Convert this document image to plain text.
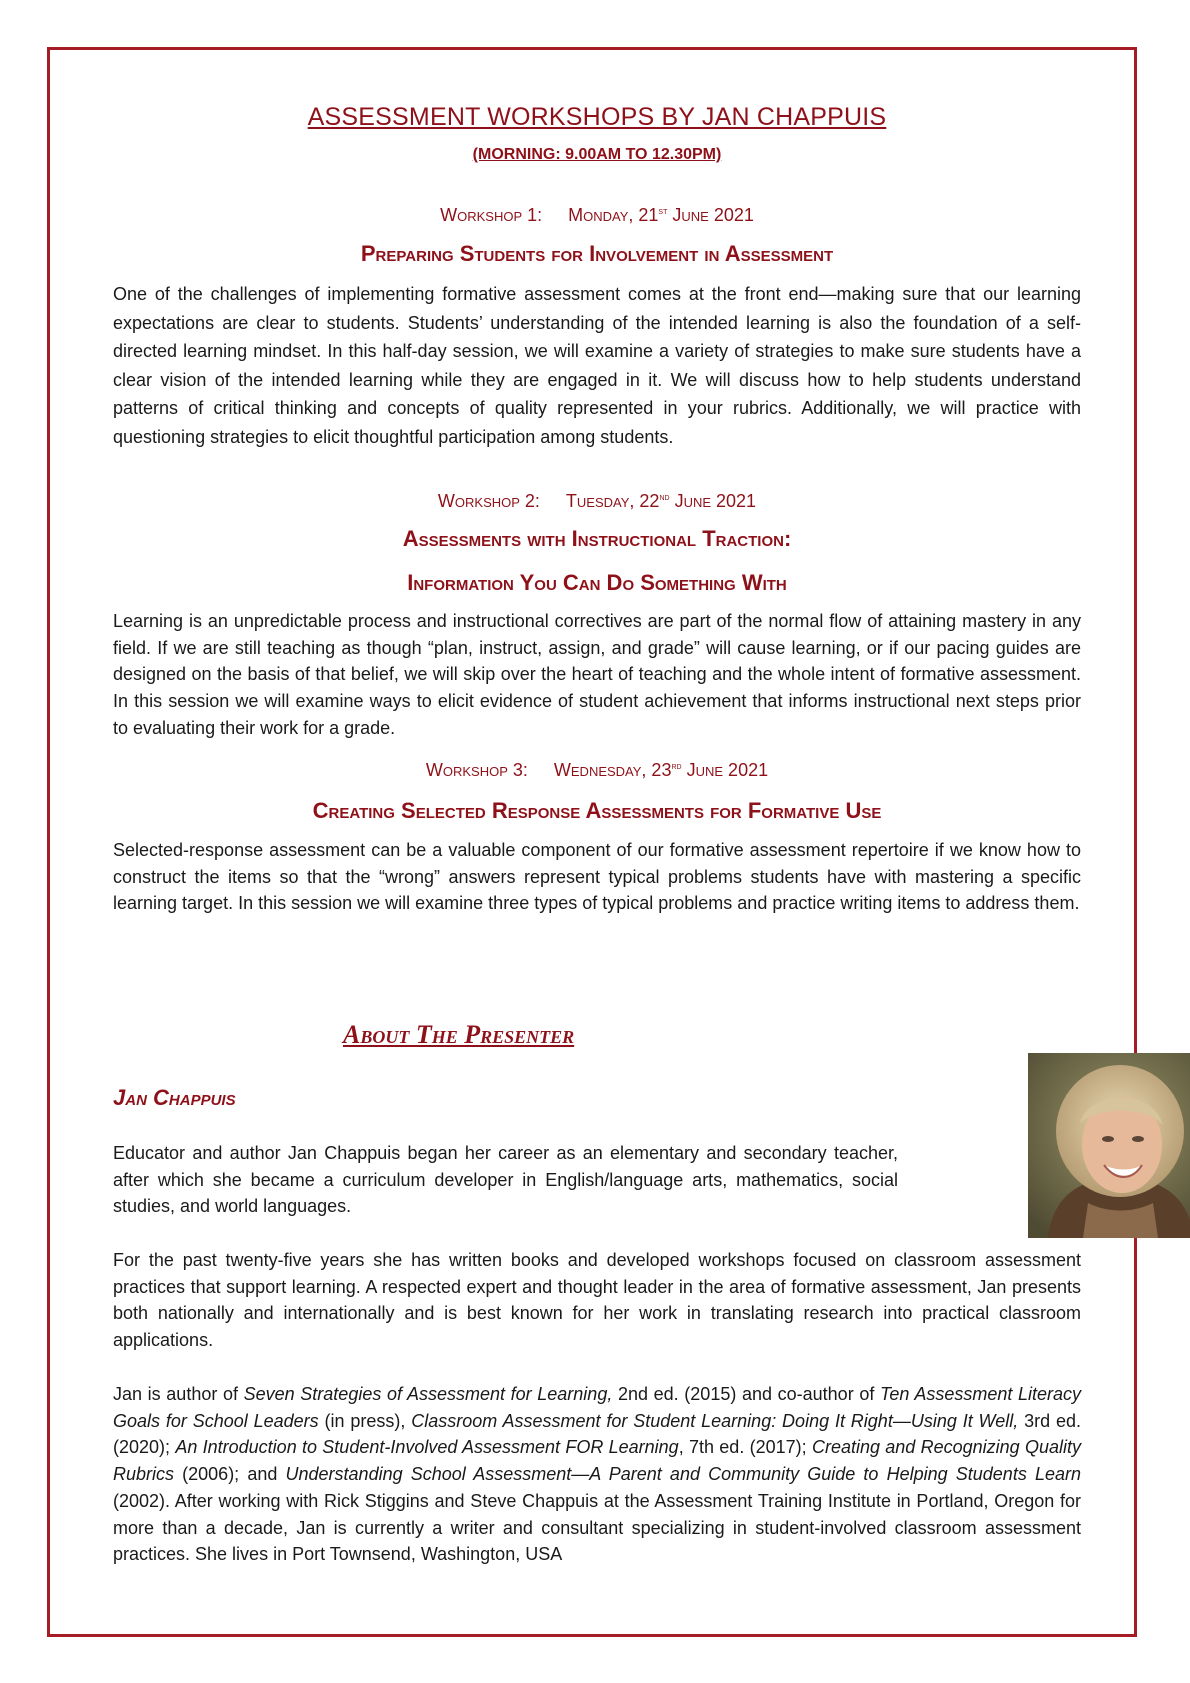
ASSESSMENT WORKSHOPS BY JAN CHAPPUIS
(MORNING: 9.00AM TO 12.30PM)
Workshop 1: Monday, 21st June 2021
Preparing Students for Involvement in Assessment

One of the challenges of implementing formative assessment comes at the front end—making sure that our learning expectations are clear to students. Students’ understanding of the intended learning is also the foundation of a self-directed learning mindset. In this half-day session, we will examine a variety of strategies to make sure students have a clear vision of the intended learning while they are engaged in it. We will discuss how to help students understand patterns of critical thinking and concepts of quality represented in your rubrics. Additionally, we will practice with questioning strategies to elicit thoughtful participation among students.

Workshop 2: Tuesday, 22nd June 2021
Assessments with Instructional Traction:
Information You Can Do Something With

Learning is an unpredictable process and instructional correctives are part of the normal flow of attaining mastery in any field. If we are still teaching as though “plan, instruct, assign, and grade” will cause learning, or if our pacing guides are designed on the basis of that belief, we will skip over the heart of teaching and the whole intent of formative assessment. In this session we will examine ways to elicit evidence of student achievement that informs instructional next steps prior to evaluating their work for a grade.

Workshop 3: Wednesday, 23rd June 2021
Creating Selected Response Assessments for Formative Use

Selected-response assessment can be a valuable component of our formative assessment repertoire if we know how to construct the items so that the “wrong” answers represent typical problems students have with mastering a specific learning target. In this session we will examine three types of typical problems and practice writing items to address them.

About The Presenter
Jan Chappuis

Educator and author Jan Chappuis began her career as an elementary and secondary teacher, after which she became a curriculum developer in English/language arts, mathematics, social studies, and world languages.

For the past twenty-five years she has written books and developed workshops focused on classroom assessment practices that support learning. A respected expert and thought leader in the area of formative assessment, Jan presents both nationally and internationally and is best known for her work in translating research into practical classroom applications.

Jan is author of Seven Strategies of Assessment for Learning, 2nd ed. (2015) and co-author of Ten Assessment Literacy Goals for School Leaders (in press), Classroom Assessment for Student Learning: Doing It Right—Using It Well, 3rd ed. (2020); An Introduction to Student-Involved Assessment FOR Learning, 7th ed. (2017); Creating and Recognizing Quality Rubrics (2006); and Understanding School Assessment—A Parent and Community Guide to Helping Students Learn (2002). After working with Rick Stiggins and Steve Chappuis at the Assessment Training Institute in Portland, Oregon for more than a decade, Jan is currently a writer and consultant specializing in student-involved classroom assessment practices. She lives in Port Townsend, Washington, USA
